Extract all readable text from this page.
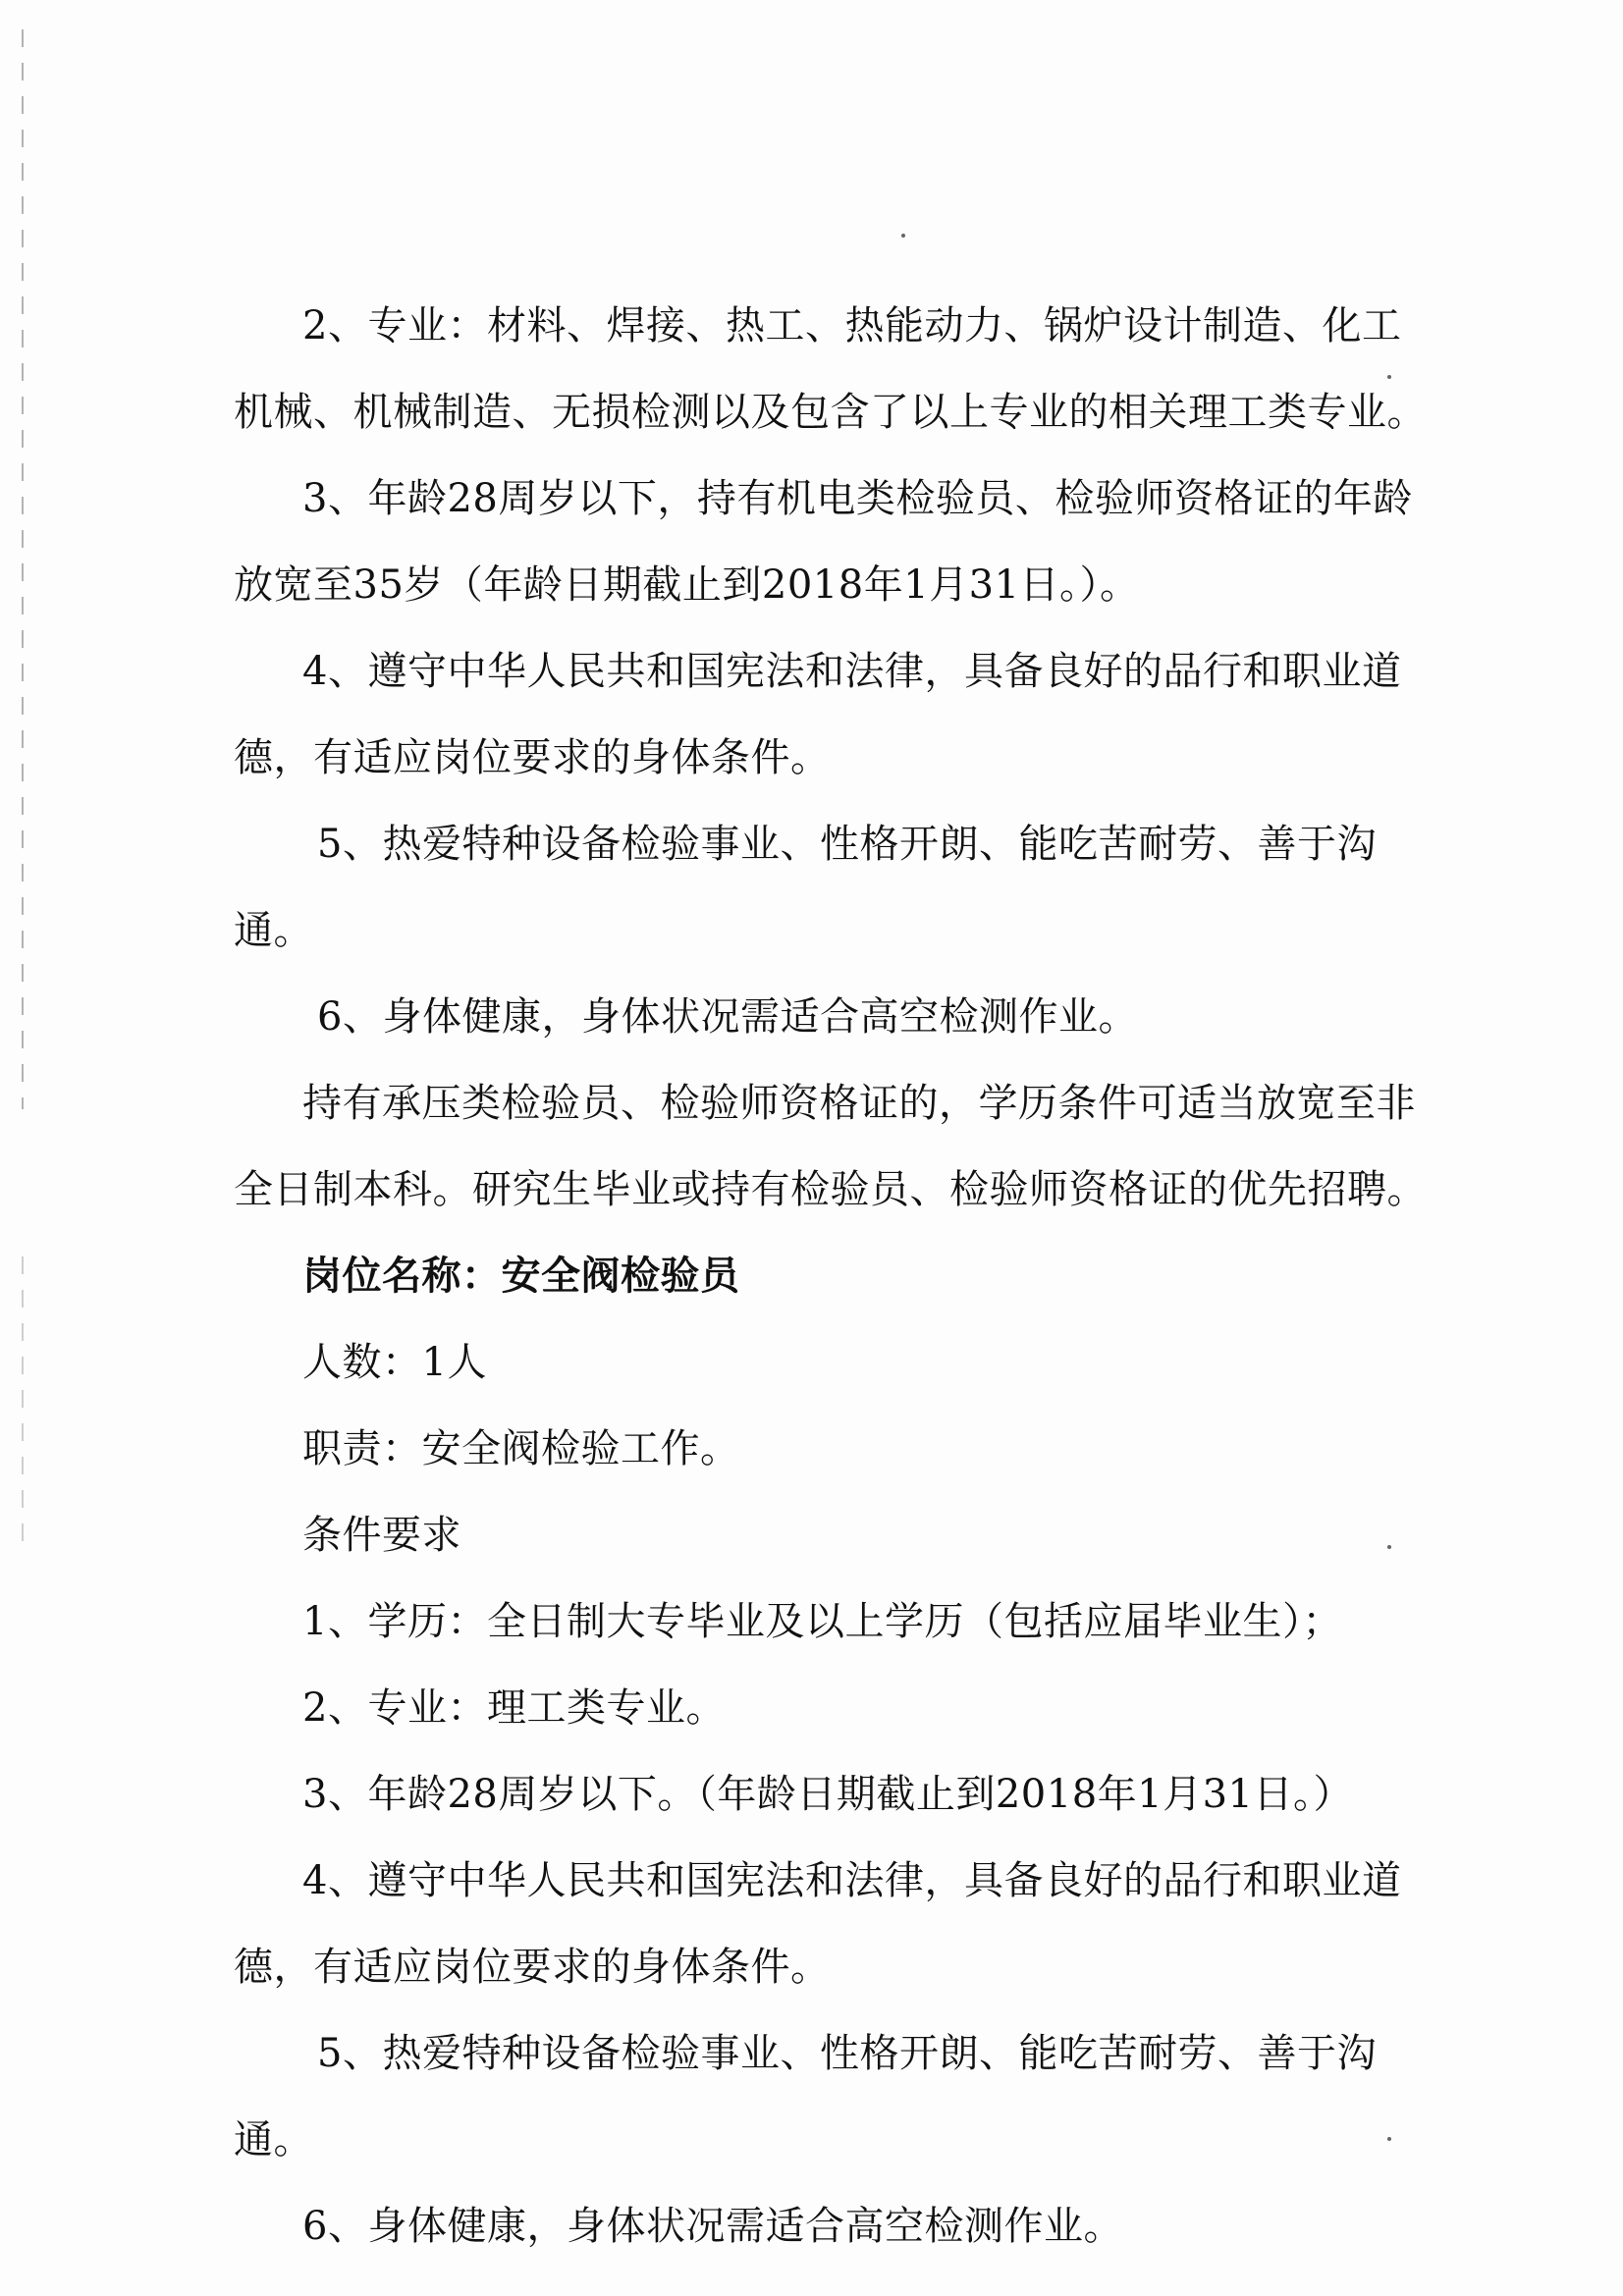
2、专业：材料、焊接、热工、热能动力、锅炉设计制造、化工机械、机械制造、无损检测以及包含了以上专业的相关理工类专业。

3、年龄28周岁以下，持有机电类检验员、检验师资格证的年龄放宽至35岁（年龄日期截止到2018年1月31日。）。

4、遵守中华人民共和国宪法和法律，具备良好的品行和职业道德，有适应岗位要求的身体条件。

5、热爱特种设备检验事业、性格开朗、能吃苦耐劳、善于沟通。

6、身体健康，身体状况需适合高空检测作业。

持有承压类检验员、检验师资格证的，学历条件可适当放宽至非全日制本科。研究生毕业或持有检验员、检验师资格证的优先招聘。

岗位名称：安全阀检验员

人数：1人

职责：安全阀检验工作。

条件要求

1、学历：全日制大专毕业及以上学历（包括应届毕业生）；

2、专业：理工类专业。

3、年龄28周岁以下。（年龄日期截止到2018年1月31日。）

4、遵守中华人民共和国宪法和法律，具备良好的品行和职业道德，有适应岗位要求的身体条件。

5、热爱特种设备检验事业、性格开朗、能吃苦耐劳、善于沟通。

6、身体健康，身体状况需适合高空检测作业。
